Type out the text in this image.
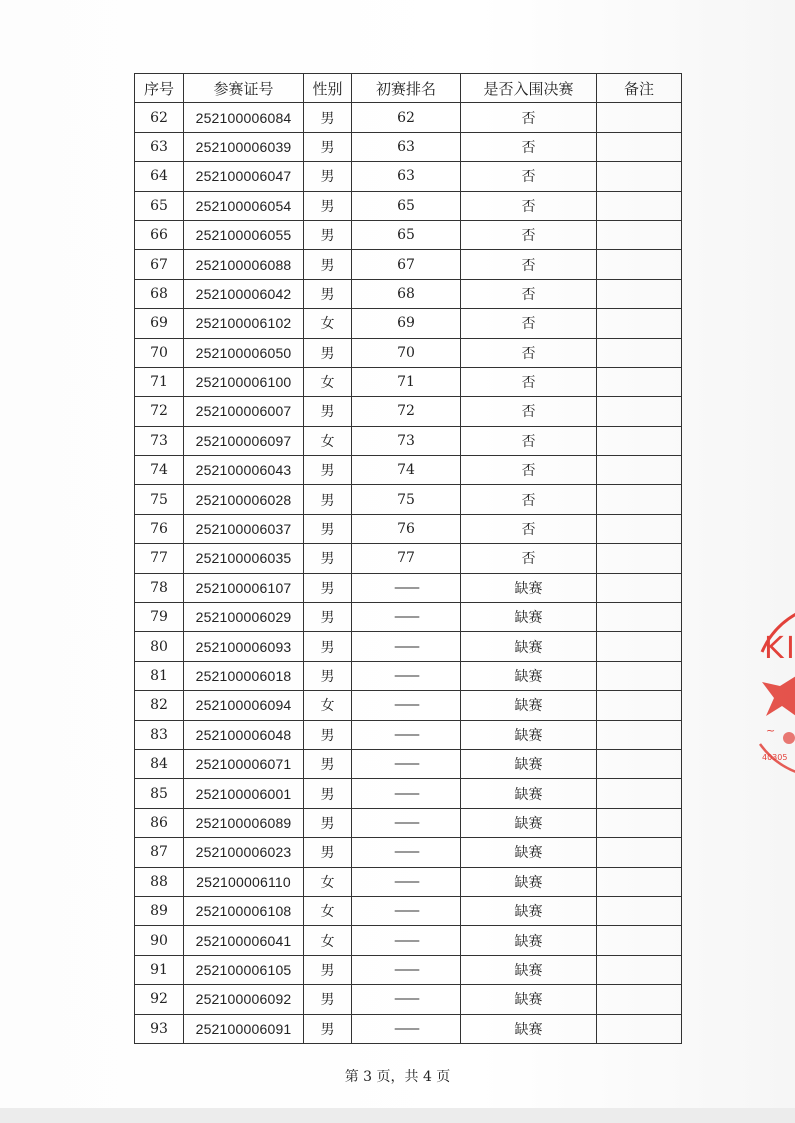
序号	参赛证号	性别	初赛排名	是否入围决赛	备注
62	252100006084	男	62	否	
63	252100006039	男	63	否	
64	252100006047	男	63	否	
65	252100006054	男	65	否	
66	252100006055	男	65	否	
67	252100006088	男	67	否	
68	252100006042	男	68	否	
69	252100006102	女	69	否	
70	252100006050	男	70	否	
71	252100006100	女	71	否	
72	252100006007	男	72	否	
73	252100006097	女	73	否	
74	252100006043	男	74	否	
75	252100006028	男	75	否	
76	252100006037	男	76	否	
77	252100006035	男	77	否	
78	252100006107	男	——	缺赛	
79	252100006029	男	——	缺赛	
80	252100006093	男	——	缺赛	
81	252100006018	男	——	缺赛	
82	252100006094	女	——	缺赛	
83	252100006048	男	——	缺赛	
84	252100006071	男	——	缺赛	
85	252100006001	男	——	缺赛	
86	252100006089	男	——	缺赛	
87	252100006023	男	——	缺赛	
88	252100006110	女	——	缺赛	
89	252100006108	女	——	缺赛	
90	252100006041	女	——	缺赛	
91	252100006105	男	——	缺赛	
92	252100006092	男	——	缺赛	
93	252100006091	男	——	缺赛	
第 3 页，共 4 页
K I
~
40305
